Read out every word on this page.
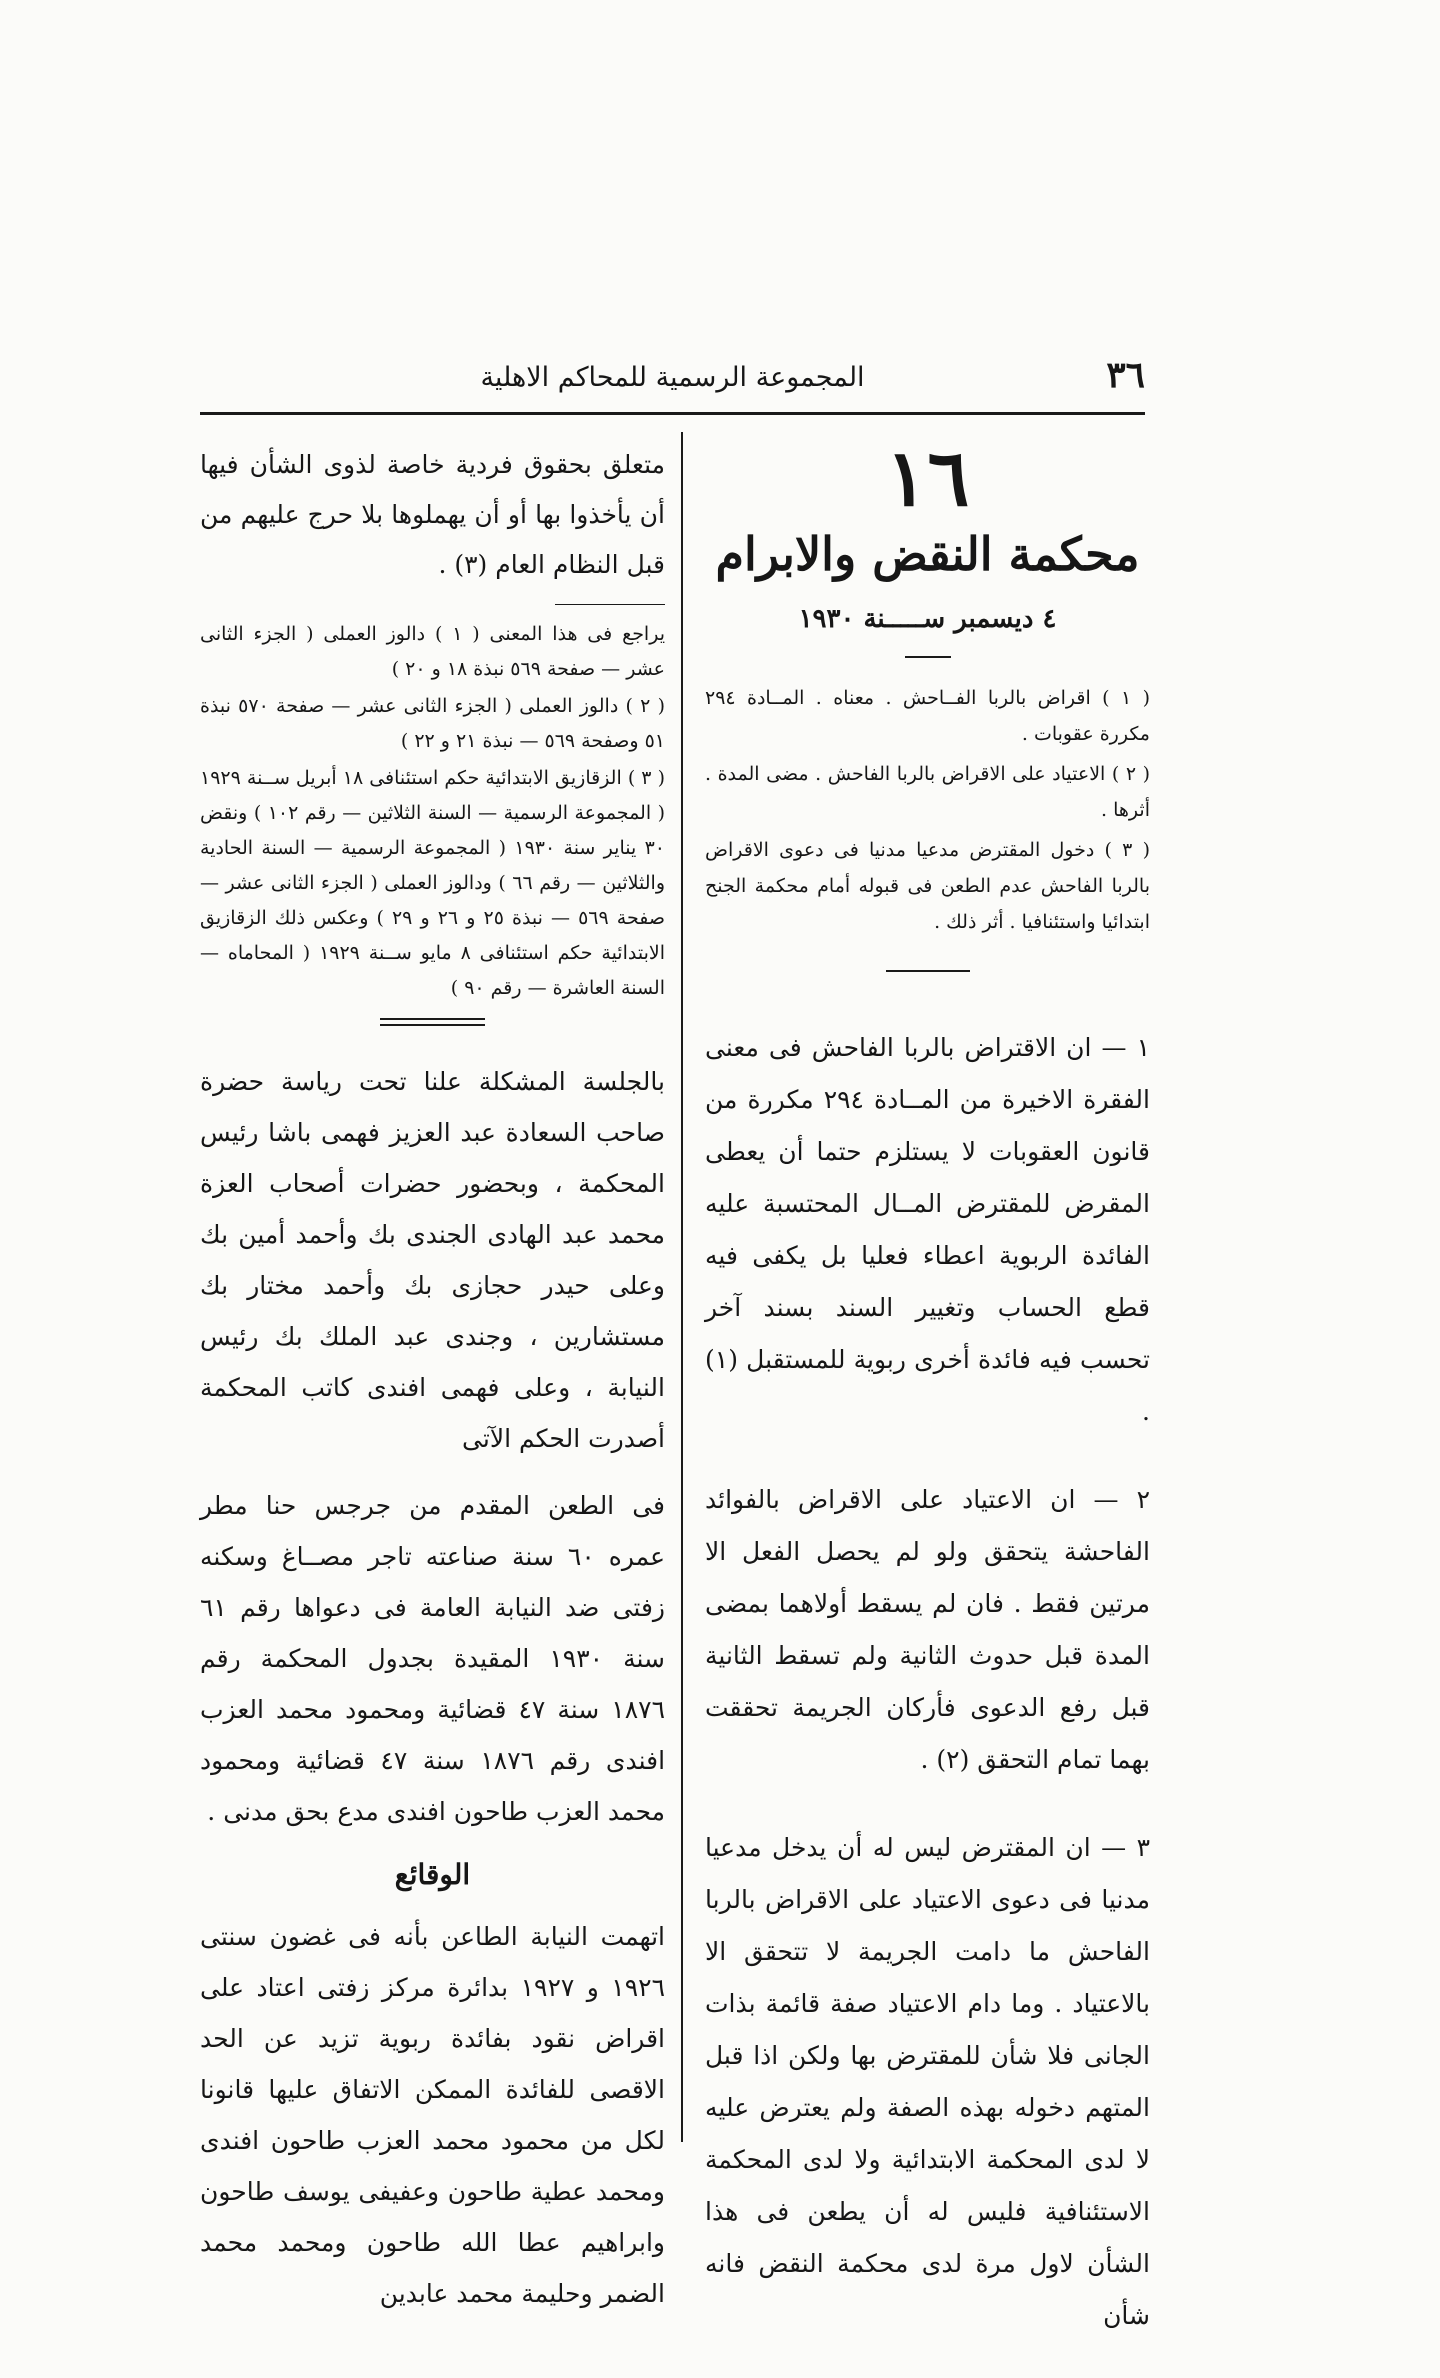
٣٦
المجموعة الرسمية للمحاكم الاهلية
١٦
محكمة النقض والابرام
٤ ديسمبر ســـــنة ١٩٣٠

( ١ ) اقراض بالربا الفــاحش . معناه . المــادة ٢٩٤ مكررة عقوبات .

( ٢ ) الاعتياد على الاقراض بالربا الفاحش . مضى المدة . أثرها .

( ٣ ) دخول المقترض مدعيا مدنيا فى دعوى الاقراض بالربا الفاحش عدم الطعن فى قبوله أمام محكمة الجنح ابتدائيا واستئنافيا . أثر ذلك .

١ — ان الاقتراض بالربا الفاحش فى معنى الفقرة الاخيرة من المــادة ٢٩٤ مكررة من قانون العقوبات لا يستلزم حتما أن يعطى المقرض للمقترض المــال المحتسبة عليه الفائدة الربوية اعطاء فعليا بل يكفى فيه قطع الحساب وتغيير السند بسند آخر تحسب فيه فائدة أخرى ربوية للمستقبل (١) .

٢ — ان الاعتياد على الاقراض بالفوائد الفاحشة يتحقق ولو لم يحصل الفعل الا مرتين فقط . فان لم يسقط أولاهما بمضى المدة قبل حدوث الثانية ولم تسقط الثانية قبل رفع الدعوى فأركان الجريمة تحققت بهما تمام التحقق (٢) .

٣ — ان المقترض ليس له أن يدخل مدعيا مدنيا فى دعوى الاعتياد على الاقراض بالربا الفاحش ما دامت الجريمة لا تتحقق الا بالاعتياد . وما دام الاعتياد صفة قائمة بذات الجانى فلا شأن للمقترض بها ولكن اذا قبل المتهم دخوله بهذه الصفة ولم يعترض عليه لا لدى المحكمة الابتدائية ولا لدى المحكمة الاستئنافية فليس له أن يطعن فى هذا الشأن لاول مرة لدى محكمة النقض فانه شأن

متعلق بحقوق فردية خاصة لذوى الشأن فيها أن يأخذوا بها أو أن يهملوها بلا حرج عليهم من قبل النظام العام (٣) .

يراجع فى هذا المعنى ( ١ ) دالوز العملى ( الجزء الثانى عشر — صفحة ٥٦٩ نبذة ١٨ و ٢٠ )

( ٢ ) دالوز العملى ( الجزء الثانى عشر — صفحة ٥٧٠ نبذة ٥١ وصفحة ٥٦٩ — نبذة ٢١ و ٢٢ )

( ٣ ) الزقازيق الابتدائية حكم استئنافى ١٨ أبريل ســنة ١٩٢٩ ( المجموعة الرسمية — السنة الثلاثين — رقم ١٠٢ ) ونقض ٣٠ يناير سنة ١٩٣٠ ( المجموعة الرسمية — السنة الحادية والثلاثين — رقم ٦٦ ) ودالوز العملى ( الجزء الثانى عشر — صفحة ٥٦٩ — نبذة ٢٥ و ٢٦ و ٢٩ ) وعكس ذلك الزقازيق الابتدائية حكم استئنافى ٨ مايو ســنة ١٩٢٩ ( المحاماه — السنة العاشرة — رقم ٩٠ )

بالجلسة المشكلة علنا تحت رياسة حضرة صاحب السعادة عبد العزيز فهمى باشا رئيس المحكمة ، وبحضور حضرات أصحاب العزة محمد عبد الهادى الجندى بك وأحمد أمين بك وعلى حيدر حجازى بك وأحمد مختار بك مستشارين ، وجندى عبد الملك بك رئيس النيابة ، وعلى فهمى افندى كاتب المحكمة أصدرت الحكم الآتى

فى الطعن المقدم من جرجس حنا مطر عمره ٦٠ سنة صناعته تاجر مصــاغ وسكنه زفتى ضد النيابة العامة فى دعواها رقم ٦١ سنة ١٩٣٠ المقيدة بجدول المحكمة رقم ١٨٧٦ سنة ٤٧ قضائية ومحمود محمد العزب افندى رقم ١٨٧٦ سنة ٤٧ قضائية ومحمود محمد العزب طاحون افندى مدع بحق مدنى .

الوقائع

اتهمت النيابة الطاعن بأنه فى غضون سنتى ١٩٢٦ و ١٩٢٧ بدائرة مركز زفتى اعتاد على اقراض نقود بفائدة ربوية تزيد عن الحد الاقصى للفائدة الممكن الاتفاق عليها قانونا لكل من محمود محمد العزب طاحون افندى ومحمد عطية طاحون وعفيفى يوسف طاحون وابراهيم عطا الله طاحون ومحمد محمد الضمر وحليمة محمد عابدين
